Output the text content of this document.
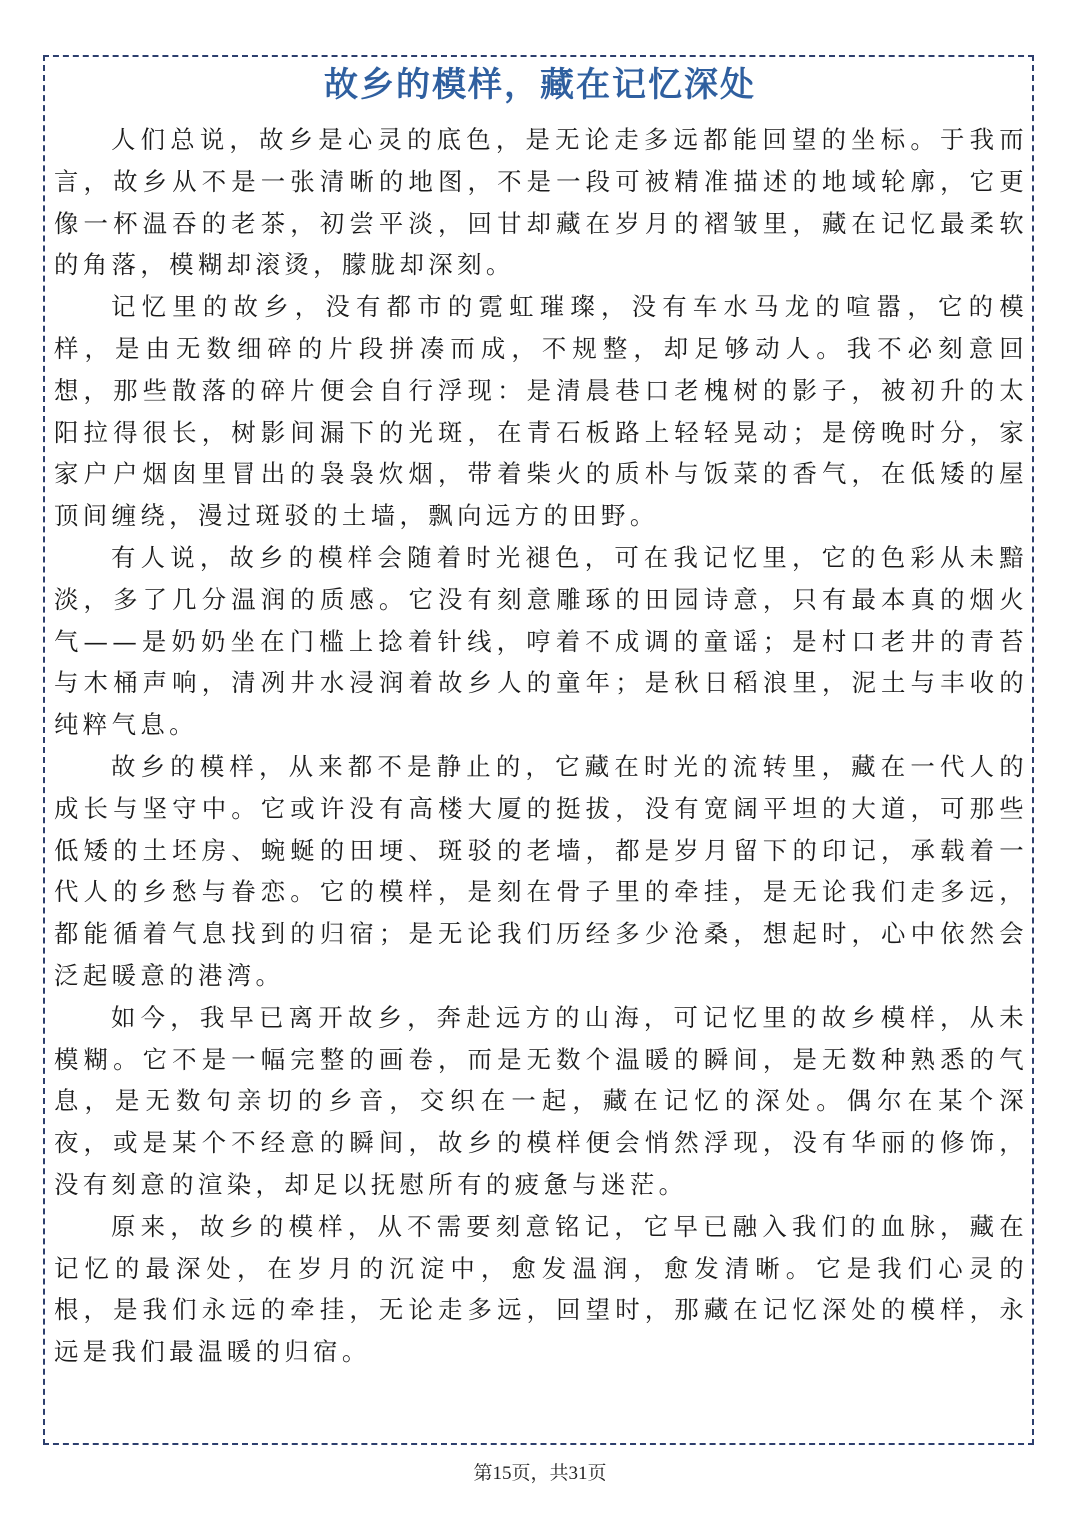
故乡的模样，藏在记忆深处

人们总说，故乡是心灵的底色，是无论走多远都能回望的坐标。于我而言，故乡从不是一张清晰的地图，不是一段可被精准描述的地域轮廓，它更像一杯温吞的老茶，初尝平淡，回甘却藏在岁月的褶皱里，藏在记忆最柔软的角落，模糊却滚烫，朦胧却深刻。

记忆里的故乡，没有都市的霓虹璀璨，没有车水马龙的喧嚣，它的模样，是由无数细碎的片段拼凑而成，不规整，却足够动人。我不必刻意回想，那些散落的碎片便会自行浮现：是清晨巷口老槐树的影子，被初升的太阳拉得很长，树影间漏下的光斑，在青石板路上轻轻晃动；是傍晚时分，家家户户烟囱里冒出的袅袅炊烟，带着柴火的质朴与饭菜的香气，在低矮的屋顶间缠绕，漫过斑驳的土墙，飘向远方的田野。

有人说，故乡的模样会随着时光褪色，可在我记忆里，它的色彩从未黯淡，多了几分温润的质感。它没有刻意雕琢的田园诗意，只有最本真的烟火气——是奶奶坐在门槛上捻着针线，哼着不成调的童谣；是村口老井的青苔与木桶声响，清冽井水浸润着故乡人的童年；是秋日稻浪里，泥土与丰收的纯粹气息。

故乡的模样，从来都不是静止的，它藏在时光的流转里，藏在一代人的成长与坚守中。它或许没有高楼大厦的挺拔，没有宽阔平坦的大道，可那些低矮的土坯房、蜿蜒的田埂、斑驳的老墙，都是岁月留下的印记，承载着一代人的乡愁与眷恋。它的模样，是刻在骨子里的牵挂，是无论我们走多远，都能循着气息找到的归宿；是无论我们历经多少沧桑，想起时，心中依然会泛起暖意的港湾。

如今，我早已离开故乡，奔赴远方的山海，可记忆里的故乡模样，从未模糊。它不是一幅完整的画卷，而是无数个温暖的瞬间，是无数种熟悉的气息，是无数句亲切的乡音，交织在一起，藏在记忆的深处。偶尔在某个深夜，或是某个不经意的瞬间，故乡的模样便会悄然浮现，没有华丽的修饰，没有刻意的渲染，却足以抚慰所有的疲惫与迷茫。

原来，故乡的模样，从不需要刻意铭记，它早已融入我们的血脉，藏在记忆的最深处，在岁月的沉淀中，愈发温润，愈发清晰。它是我们心灵的根，是我们永远的牵挂，无论走多远，回望时，那藏在记忆深处的模样，永远是我们最温暖的归宿。

第15页，共31页
